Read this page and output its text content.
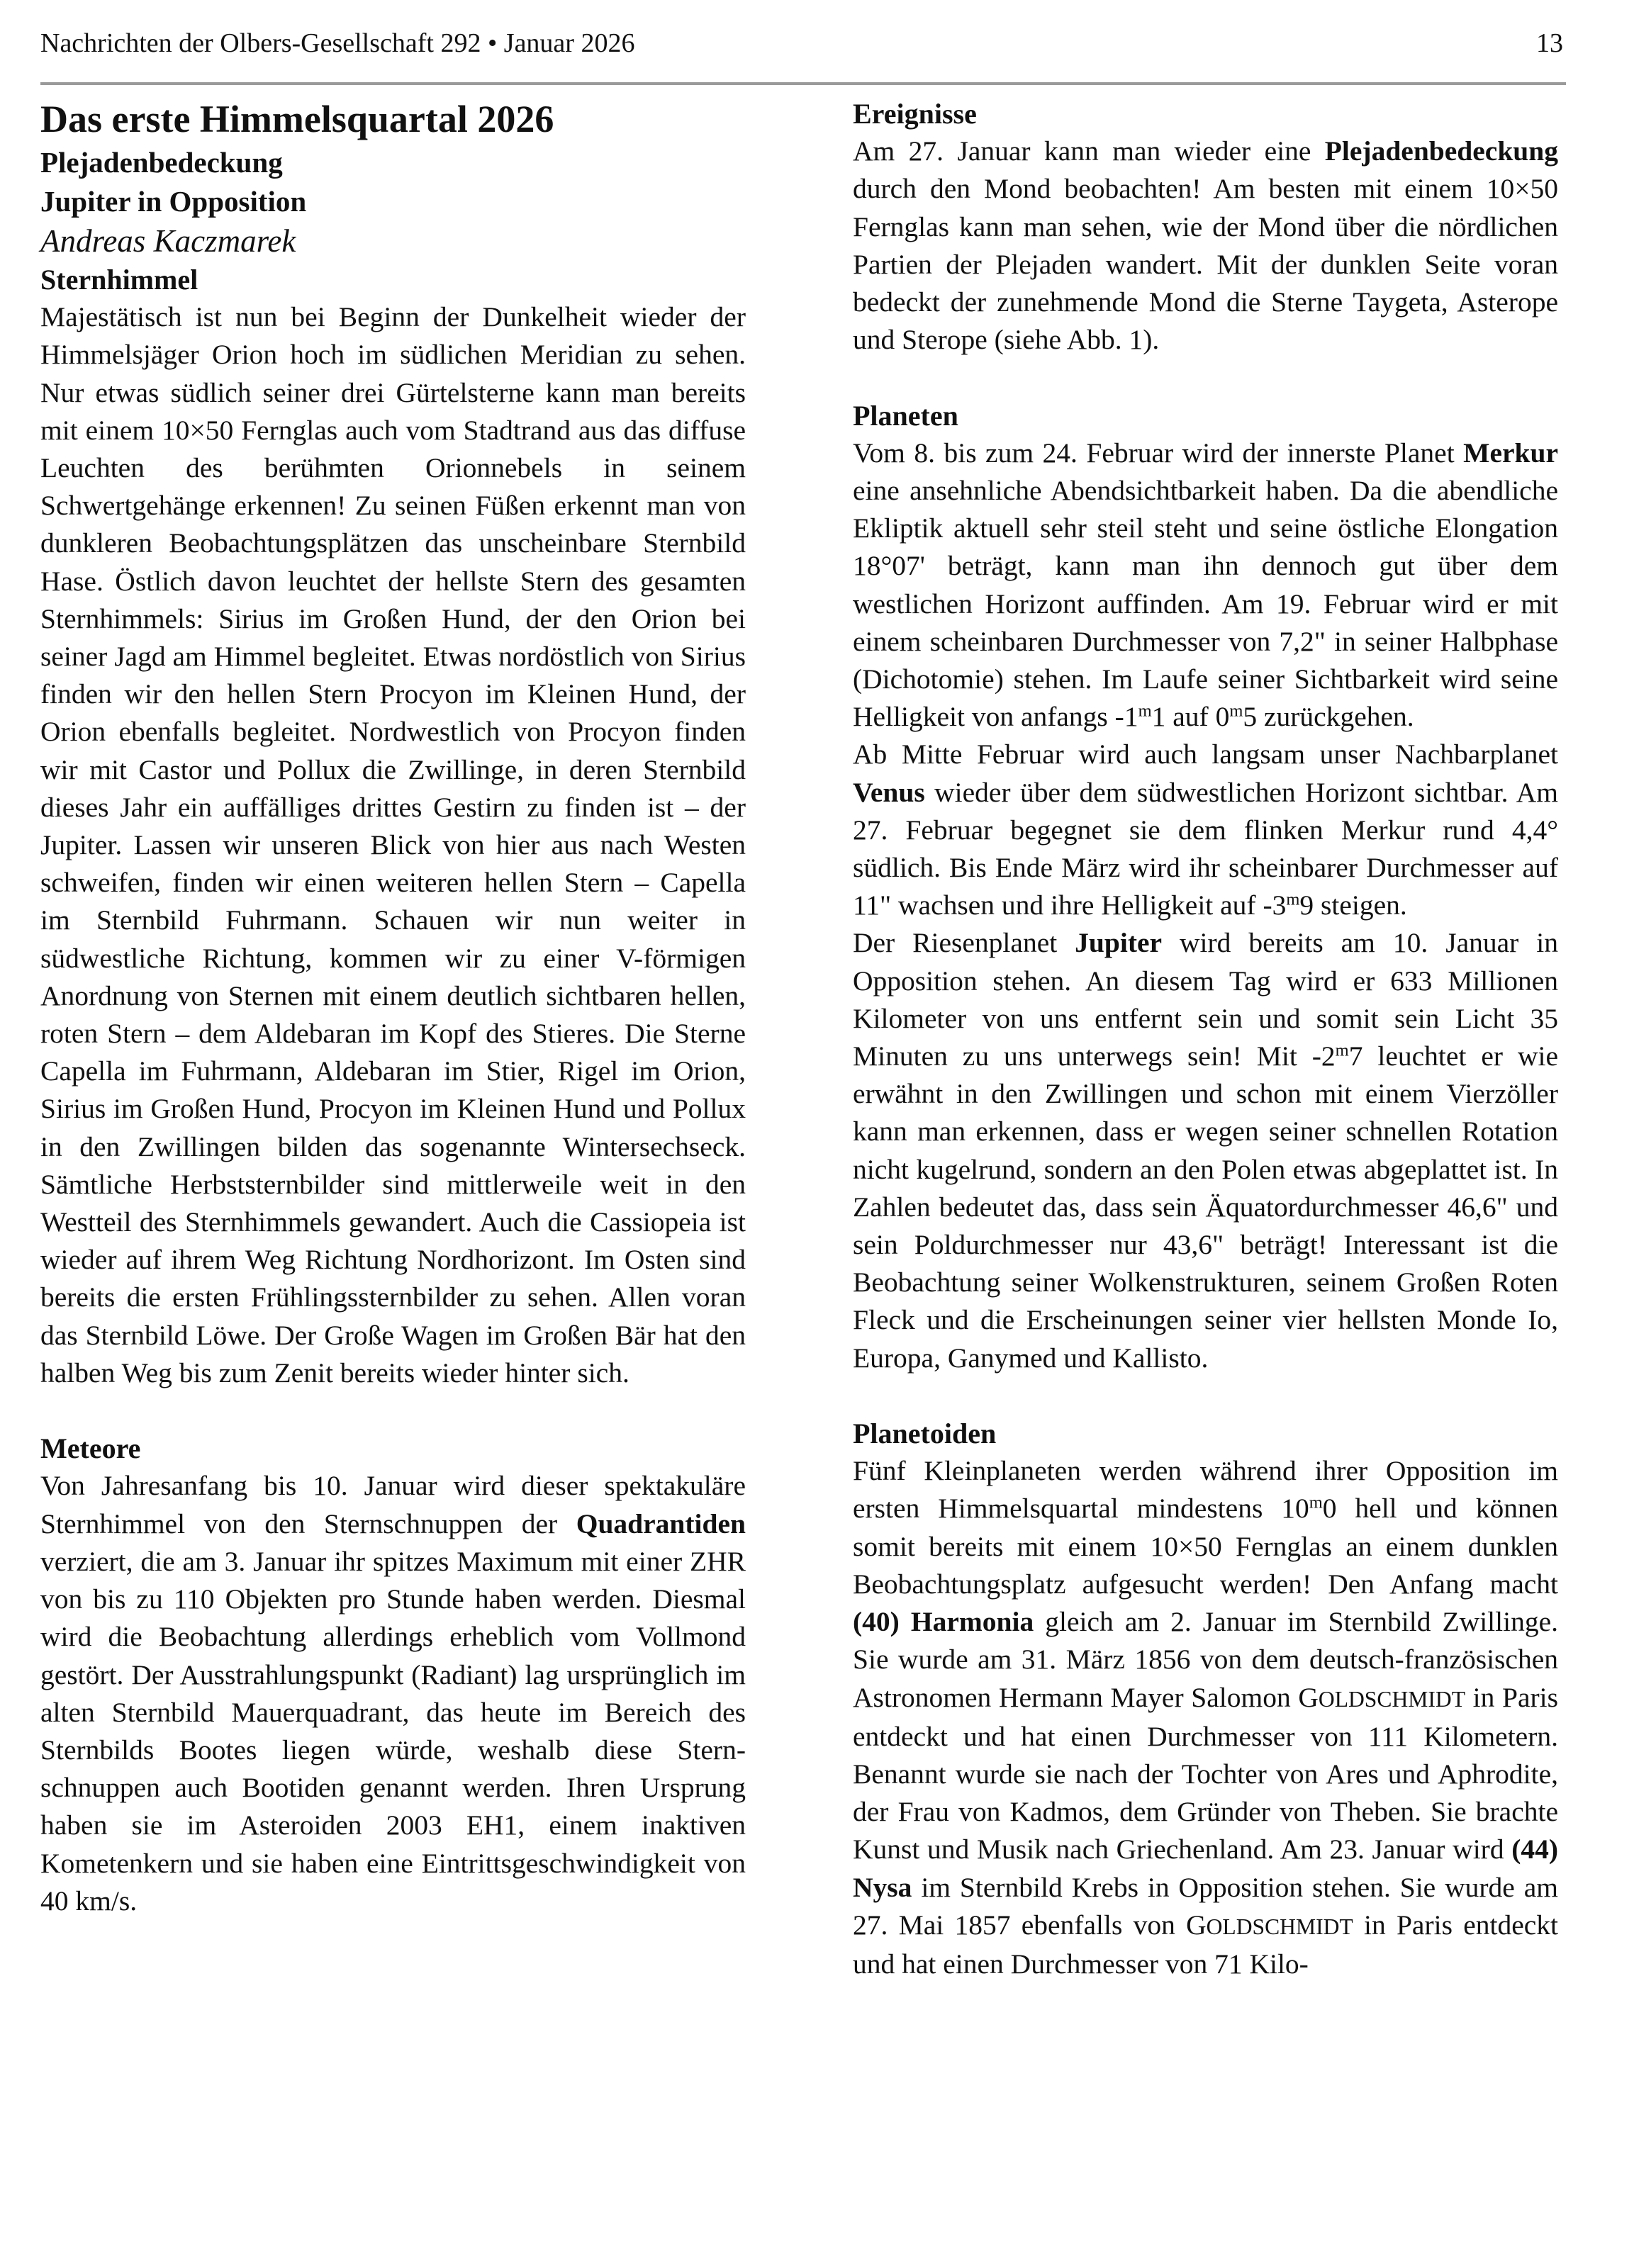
Nachrichten der Olbers-Gesellschaft 292 • Januar 2026	13

Das erste Himmelsquartal 2026

Plejadenbedeckung

Jupiter in Opposition

Andreas Kaczmarek

Sternhimmel

Majestätisch ist nun bei Beginn der Dunkelheit wieder der Himmelsjäger Orion hoch im südlichen Meridian zu sehen. Nur etwas südlich seiner drei Gürtelsterne kann man bereits mit einem 10×50 Fernglas auch vom Stadtrand aus das diffuse Leuchten des berühmten Orionnebels in seinem Schwertgehänge erkennen! Zu seinen Füßen erkennt man von dunkleren Beobachtungsplätzen das unscheinbare Sternbild Hase. Östlich davon leuchtet der hellste Stern des gesamten Sternhimmels: Sirius im Großen Hund, der den Orion bei seiner Jagd am Himmel begleitet. Etwas nordöstlich von Sirius finden wir den hellen Stern Procyon im Kleinen Hund, der Orion ebenfalls begleitet. Nordwestlich von Procyon finden wir mit Castor und Pollux die Zwillinge, in deren Sternbild dieses Jahr ein auffälliges drittes Gestirn zu finden ist – der Jupiter. Lassen wir unseren Blick von hier aus nach Westen schweifen, finden wir einen weiteren hellen Stern – Capella im Sternbild Fuhrmann. Schauen wir nun weiter in südwestliche Richtung, kommen wir zu einer V-förmigen Anordnung von Sternen mit einem deutlich sichtbaren hellen, roten Stern – dem Aldebaran im Kopf des Stieres. Die Sterne Capella im Fuhrmann, Aldebaran im Stier, Rigel im Orion, Sirius im Großen Hund, Procyon im Kleinen Hund und Pollux in den Zwillingen bilden das sogenannte Wintersechseck. Sämtliche Herbststernbilder sind mittlerweile weit in den Westteil des Sternhimmels gewandert. Auch die Cassiopeia ist wieder auf ihrem Weg Richtung Nordhorizont. Im Osten sind bereits die ersten Frühlingssternbilder zu sehen. Allen voran das Sternbild Löwe. Der Große Wagen im Großen Bär hat den halben Weg bis zum Zenit bereits wieder hinter sich.

Meteore

Von Jahresanfang bis 10. Januar wird dieser spektakuläre Sternhimmel von den Sternschnuppen der Quadrantiden verziert, die am 3. Januar ihr spitzes Maximum mit einer ZHR von bis zu 110 Objekten pro Stunde haben werden. Diesmal wird die Beobachtung allerdings erheblich vom Vollmond gestört. Der Ausstrahlungspunkt (Radiant) lag ursprünglich im alten Sternbild Mauerquadrant, das heute im Bereich des Sternbilds Bootes liegen würde, weshalb diese Sternschnuppen auch Bootiden genannt werden. Ihren Ursprung haben sie im Asteroiden 2003 EH1, einem inaktiven Kometenkern und sie haben eine Eintrittsgeschwindigkeit von 40 km/s.

Ereignisse

Am 27. Januar kann man wieder eine Plejadenbedeckung durch den Mond beobachten! Am besten mit einem 10×50 Fernglas kann man sehen, wie der Mond über die nördlichen Partien der Plejaden wandert. Mit der dunklen Seite voran bedeckt der zunehmende Mond die Sterne Taygeta, Asterope und Sterope (siehe Abb. 1).

Planeten

Vom 8. bis zum 24. Februar wird der innerste Planet Merkur eine ansehnliche Abendsichtbarkeit haben. Da die abendliche Ekliptik aktuell sehr steil steht und seine östliche Elongation 18°07' beträgt, kann man ihn dennoch gut über dem westlichen Horizont auffinden. Am 19. Februar wird er mit einem scheinbaren Durchmesser von 7,2" in seiner Halbphase (Dichotomie) stehen. Im Laufe seiner Sichtbarkeit wird seine Helligkeit von anfangs -1$^m$1 auf 0$^m$5 zurückgehen.

Ab Mitte Februar wird auch langsam unser Nachbarplanet Venus wieder über dem südwestlichen Horizont sichtbar. Am 27. Februar begegnet sie dem flinken Merkur rund 4,4° südlich. Bis Ende März wird ihr scheinbarer Durchmesser auf 11" wachsen und ihre Helligkeit auf -3$^m$9 steigen.

Der Riesenplanet Jupiter wird bereits am 10. Januar in Opposition stehen. An diesem Tag wird er 633 Millionen Kilometer von uns entfernt sein und somit sein Licht 35 Minuten zu uns unterwegs sein! Mit -2$^m$7 leuchtet er wie erwähnt in den Zwillingen und schon mit einem Vierzöller kann man erkennen, dass er wegen seiner schnellen Rotation nicht kugelrund, sondern an den Polen etwas abgeplattet ist. In Zahlen bedeutet das, dass sein Äquatordurchmesser 46,6" und sein Poldurchmesser nur 43,6" beträgt! Interessant ist die Beobachtung seiner Wolkenstrukturen, seinem Großen Roten Fleck und die Erscheinungen seiner vier hellsten Monde Io, Europa, Ganymed und Kallisto.

Planetoiden

Fünf Kleinplaneten werden während ihrer Opposition im ersten Himmelsquartal mindestens 10$^m$0 hell und können somit bereits mit einem 10×50 Fernglas an einem dunklen Beobachtungsplatz aufgesucht werden! Den Anfang macht (40) Harmonia gleich am 2. Januar im Sternbild Zwillinge. Sie wurde am 31. März 1856 von dem deutsch-französischen Astronomen Hermann Mayer Salomon GOLDSCHMIDT in Paris entdeckt und hat einen Durchmesser von 111 Kilometern. Benannt wurde sie nach der Tochter von Ares und Aphrodite, der Frau von Kadmos, dem Gründer von Theben. Sie brachte Kunst und Musik nach Griechenland. Am 23. Januar wird (44) Nysa im Sternbild Krebs in Opposition stehen. Sie wurde am 27. Mai 1857 ebenfalls von GOLDSCHMIDT in Paris entdeckt und hat einen Durchmesser von 71 Kilo-
